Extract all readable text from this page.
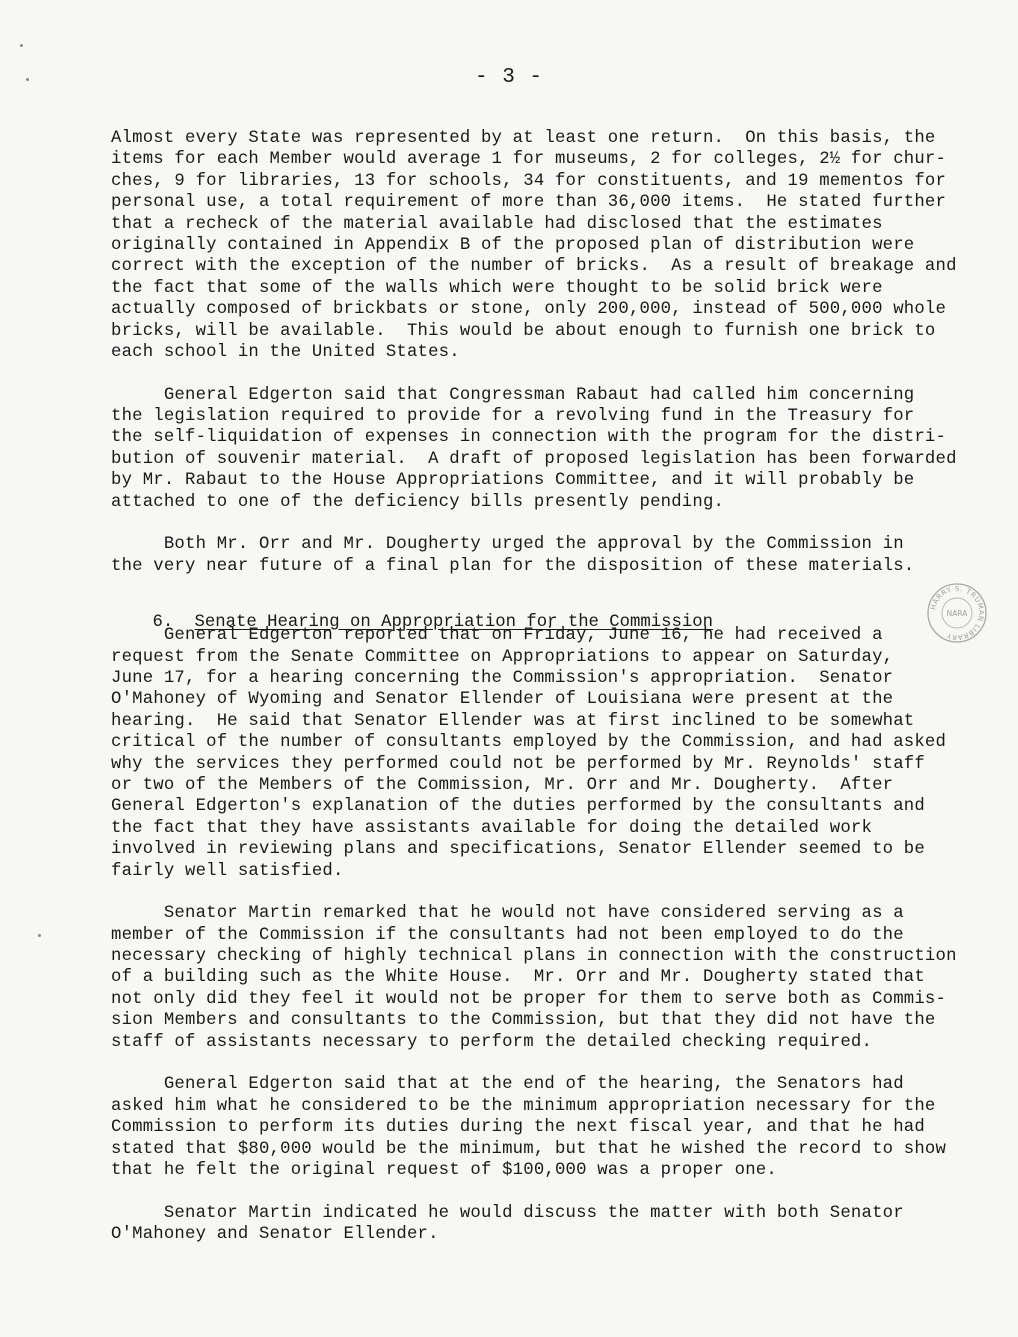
- 3 -
Almost every State was represented by at least one return.  On this basis, the
items for each Member would average 1 for museums, 2 for colleges, 2½ for chur-
ches, 9 for libraries, 13 for schools, 34 for constituents, and 19 mementos for
personal use, a total requirement of more than 36,000 items.  He stated further
that a recheck of the material available had disclosed that the estimates
originally contained in Appendix B of the proposed plan of distribution were
correct with the exception of the number of bricks.  As a result of breakage and
the fact that some of the walls which were thought to be solid brick were
actually composed of brickbats or stone, only 200,000, instead of 500,000 whole
bricks, will be available.  This would be about enough to furnish one brick to
each school in the United States.
General Edgerton said that Congressman Rabaut had called him concerning
the legislation required to provide for a revolving fund in the Treasury for
the self-liquidation of expenses in connection with the program for the distri-
bution of souvenir material.  A draft of proposed legislation has been forwarded
by Mr. Rabaut to the House Appropriations Committee, and it will probably be
attached to one of the deficiency bills presently pending.
Both Mr. Orr and Mr. Dougherty urged the approval by the Commission in
the very near future of a final plan for the disposition of these materials.

6. Senate Hearing on Appropriation for the Commission

General Edgerton reported that on Friday, June 16, he had received a
request from the Senate Committee on Appropriations to appear on Saturday,
June 17, for a hearing concerning the Commission's appropriation.  Senator
O'Mahoney of Wyoming and Senator Ellender of Louisiana were present at the
hearing.  He said that Senator Ellender was at first inclined to be somewhat
critical of the number of consultants employed by the Commission, and had asked
why the services they performed could not be performed by Mr. Reynolds' staff
or two of the Members of the Commission, Mr. Orr and Mr. Dougherty.  After
General Edgerton's explanation of the duties performed by the consultants and
the fact that they have assistants available for doing the detailed work
involved in reviewing plans and specifications, Senator Ellender seemed to be
fairly well satisfied.
Senator Martin remarked that he would not have considered serving as a
member of the Commission if the consultants had not been employed to do the
necessary checking of highly technical plans in connection with the construction
of a building such as the White House.  Mr. Orr and Mr. Dougherty stated that
not only did they feel it would not be proper for them to serve both as Commis-
sion Members and consultants to the Commission, but that they did not have the
staff of assistants necessary to perform the detailed checking required.
General Edgerton said that at the end of the hearing, the Senators had
asked him what he considered to be the minimum appropriation necessary for the
Commission to perform its duties during the next fiscal year, and that he had
stated that $80,000 would be the minimum, but that he wished the record to show
that he felt the original request of $100,000 was a proper one.
Senator Martin indicated he would discuss the matter with both Senator
O'Mahoney and Senator Ellender.
HARRY S. TRUMAN LIBRARY
NARA
